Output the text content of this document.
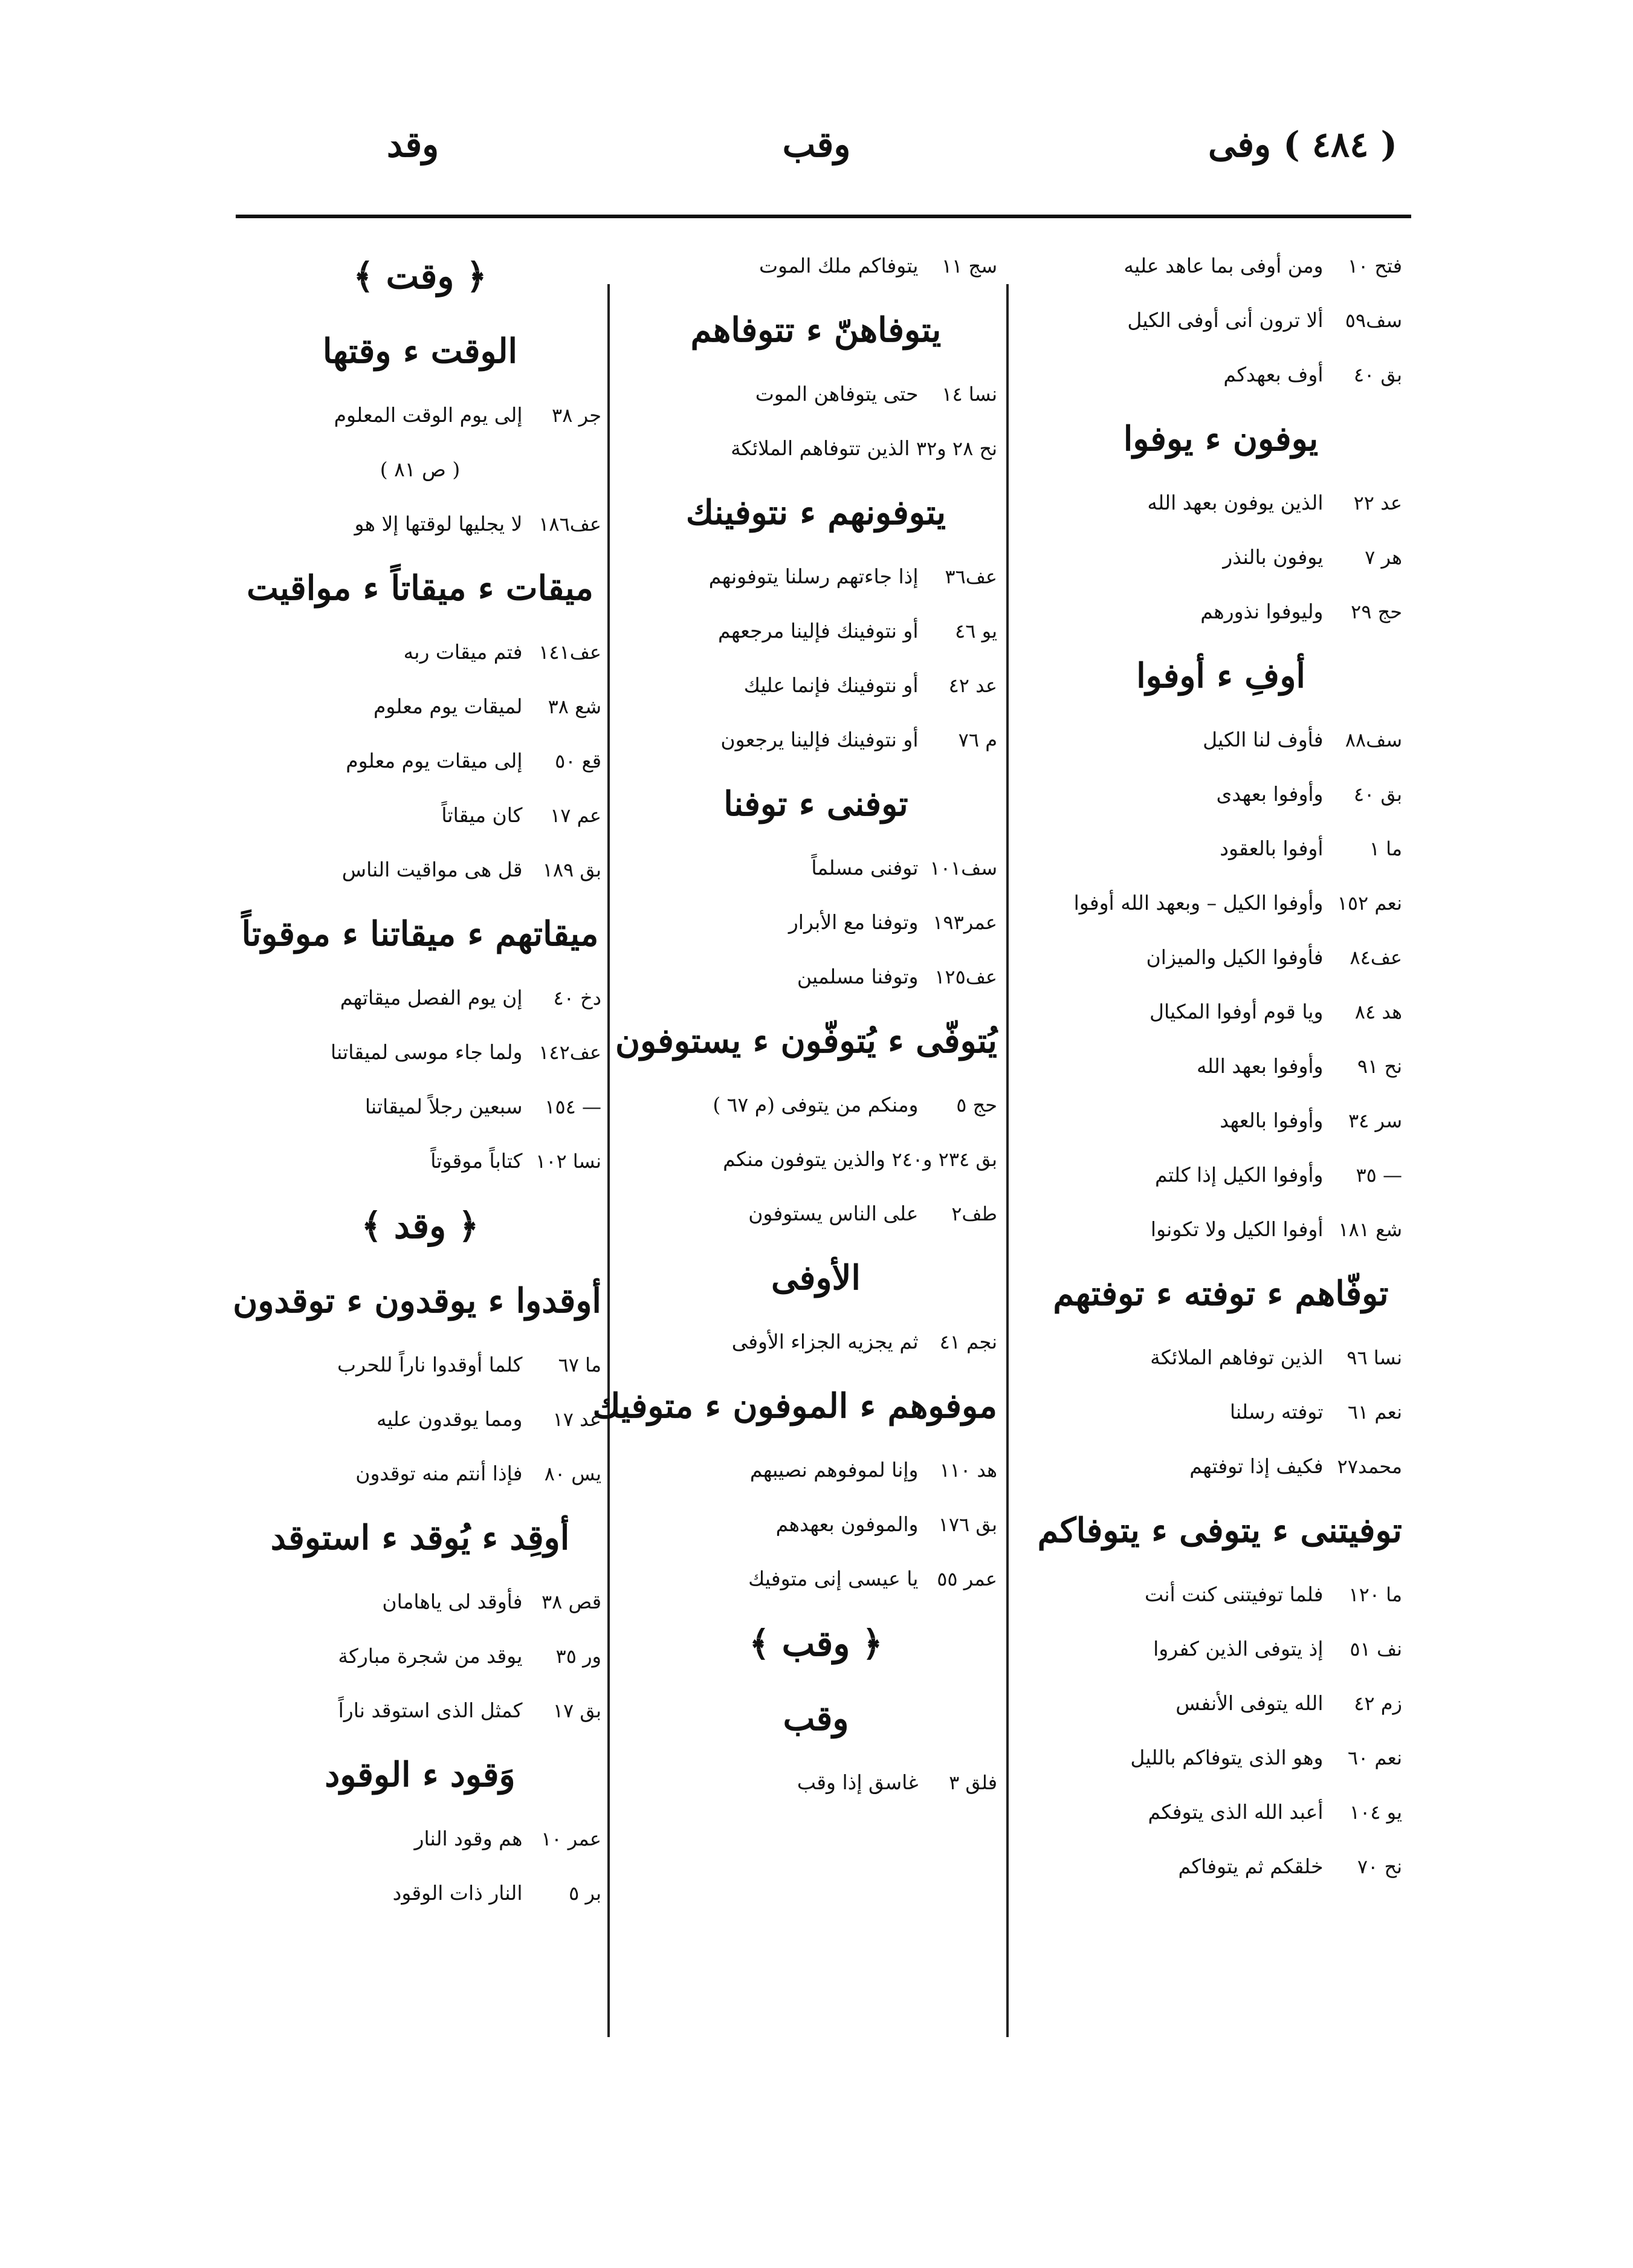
( ٤٨٤ ) وفى
وقب
وقد
فتح ١٠ ومن أوفى بما عاهد عليه
سف٥٩ ألا ترون أنى أوفى الكيل
بق ٤٠ أوف بعهدكم
يوفون ء يوفوا
عد ٢٢ الذين يوفون بعهد الله
هر ٧ يوفون بالنذر
حج ٢٩ وليوفوا نذورهم
أوفِ ء أوفوا
سف٨٨ فأوف لنا الكيل
بق ٤٠ وأوفوا بعهدى
ما ١ أوفوا بالعقود
نعم ١٥٢ وأوفوا الكيل – وبعهد الله أوفوا
عف٨٤ فأوفوا الكيل والميزان
هد ٨٤ ويا قوم أوفوا المكيال
نح ٩١ وأوفوا بعهد الله
سر ٣٤ وأوفوا بالعهد
— ٣٥ وأوفوا الكيل إذا كلتم
شع ١٨١ أوفوا الكيل ولا تكونوا
توفّاهم ء توفته ء توفتهم
نسا ٩٦ الذين توفاهم الملائكة
نعم ٦١ توفته رسلنا
محمد٢٧ فكيف إذا توفتهم
توفيتنى ء يتوفى ء يتوفاكم
ما ١٢٠ فلما توفيتنى كنت أنت
نف ٥١ إذ يتوفى الذين كفروا
زم ٤٢ الله يتوفى الأنفس
نعم ٦٠ وهو الذى يتوفاكم بالليل
يو ١٠٤ أعبد الله الذى يتوفكم
نح ٧٠ خلقكم ثم يتوفاكم
سج ١١ يتوفاكم ملك الموت
يتوفاهنّ ء تتوفاهم
نسا ١٤ حتى يتوفاهن الموت
نح ٢٨ و٣٢ الذين تتوفاهم الملائكة
يتوفونهم ء نتوفينك
عف٣٦ إذا جاءتهم رسلنا يتوفونهم
يو ٤٦ أو نتوفينك فإلينا مرجعهم
عد ٤٢ أو نتوفينك فإنما عليك
م ٧٦ أو نتوفينك فإلينا يرجعون
توفنى ء توفنا
سف١٠١ توفنى مسلماً
عمر١٩٣ وتوفنا مع الأبرار
عف١٢٥ وتوفنا مسلمين
يُتوفّى ء يُتوفّون ء يستوفون
حج ٥ ومنكم من يتوفى (م ٦٧ )
بق ٢٣٤ و٢٤٠ والذين يتوفون منكم
طف٢ على الناس يستوفون
الأوفى
نجم ٤١ ثم يجزيه الجزاء الأوفى
موفوهم ء الموفون ء متوفيك
هد ١١٠ وإنا لموفوهم نصيبهم
بق ١٧٦ والموفون بعهدهم
عمر ٥٥ يا عيسى إنى متوفيك
﴿ وقب ﴾
وقب
فلق ٣ غاسق إذا وقب
﴿ وقت ﴾
الوقت ء وقتها
جر ٣٨ إلى يوم الوقت المعلوم
( ص ٨١ )
عف١٨٦ لا يجليها لوقتها إلا هو
ميقات ء ميقاتاً ء مواقيت
عف١٤١ فتم ميقات ربه
شع ٣٨ لميقات يوم معلوم
قع ٥٠ إلى ميقات يوم معلوم
عم ١٧ كان ميقاتاً
بق ١٨٩ قل هى مواقيت الناس
ميقاتهم ء ميقاتنا ء موقوتاً
دخ ٤٠ إن يوم الفصل ميقاتهم
عف١٤٢ ولما جاء موسى لميقاتنا
— ١٥٤ سبعين رجلاً لميقاتنا
نسا ١٠٢ كتاباً موقوتاً
﴿ وقد ﴾
أوقدوا ء يوقدون ء توقدون
ما ٦٧ كلما أوقدوا ناراً للحرب
عد ١٧ ومما يوقدون عليه
يس ٨٠ فإذا أنتم منه توقدون
أوقِد ء يُوقد ء استوقد
قص ٣٨ فأوقد لى ياهامان
ور ٣٥ يوقد من شجرة مباركة
بق ١٧ كمثل الذى استوقد ناراً
وَقود ء الوقود
عمر ١٠ هم وقود النار
بر ٥ النار ذات الوقود
